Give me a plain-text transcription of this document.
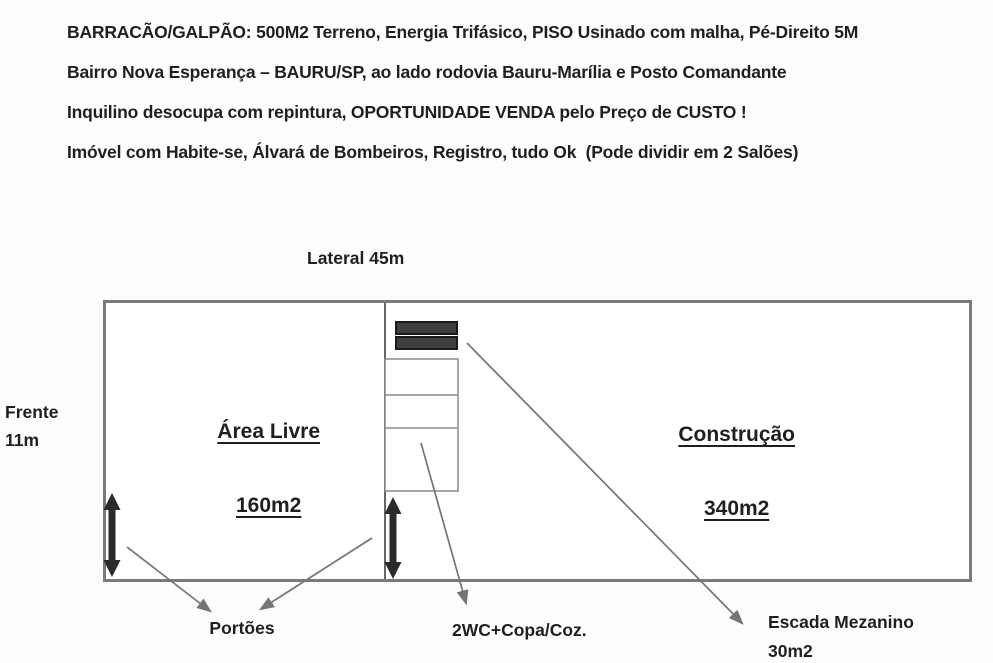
BARRACÃO/GALPÃO: 500M2 Terreno, Energia Trifásico, PISO Usinado com malha, Pé-Direito 5M
Bairro Nova Esperança – BAURU/SP, ao lado rodovia Bauru-Marília e Posto Comandante
Inquilino desocupa com repintura, OPORTUNIDADE VENDA pelo Preço de CUSTO !
Imóvel com Habite-se, Álvará de Bombeiros, Registro, tudo Ok  (Pode dividir em 2 Salões)
Lateral 45m
Frente
11m	Área Livre

160m2

Construção

340m2

Portões	2WC+Copa/Coz.	Escada Mezanino
30m2
